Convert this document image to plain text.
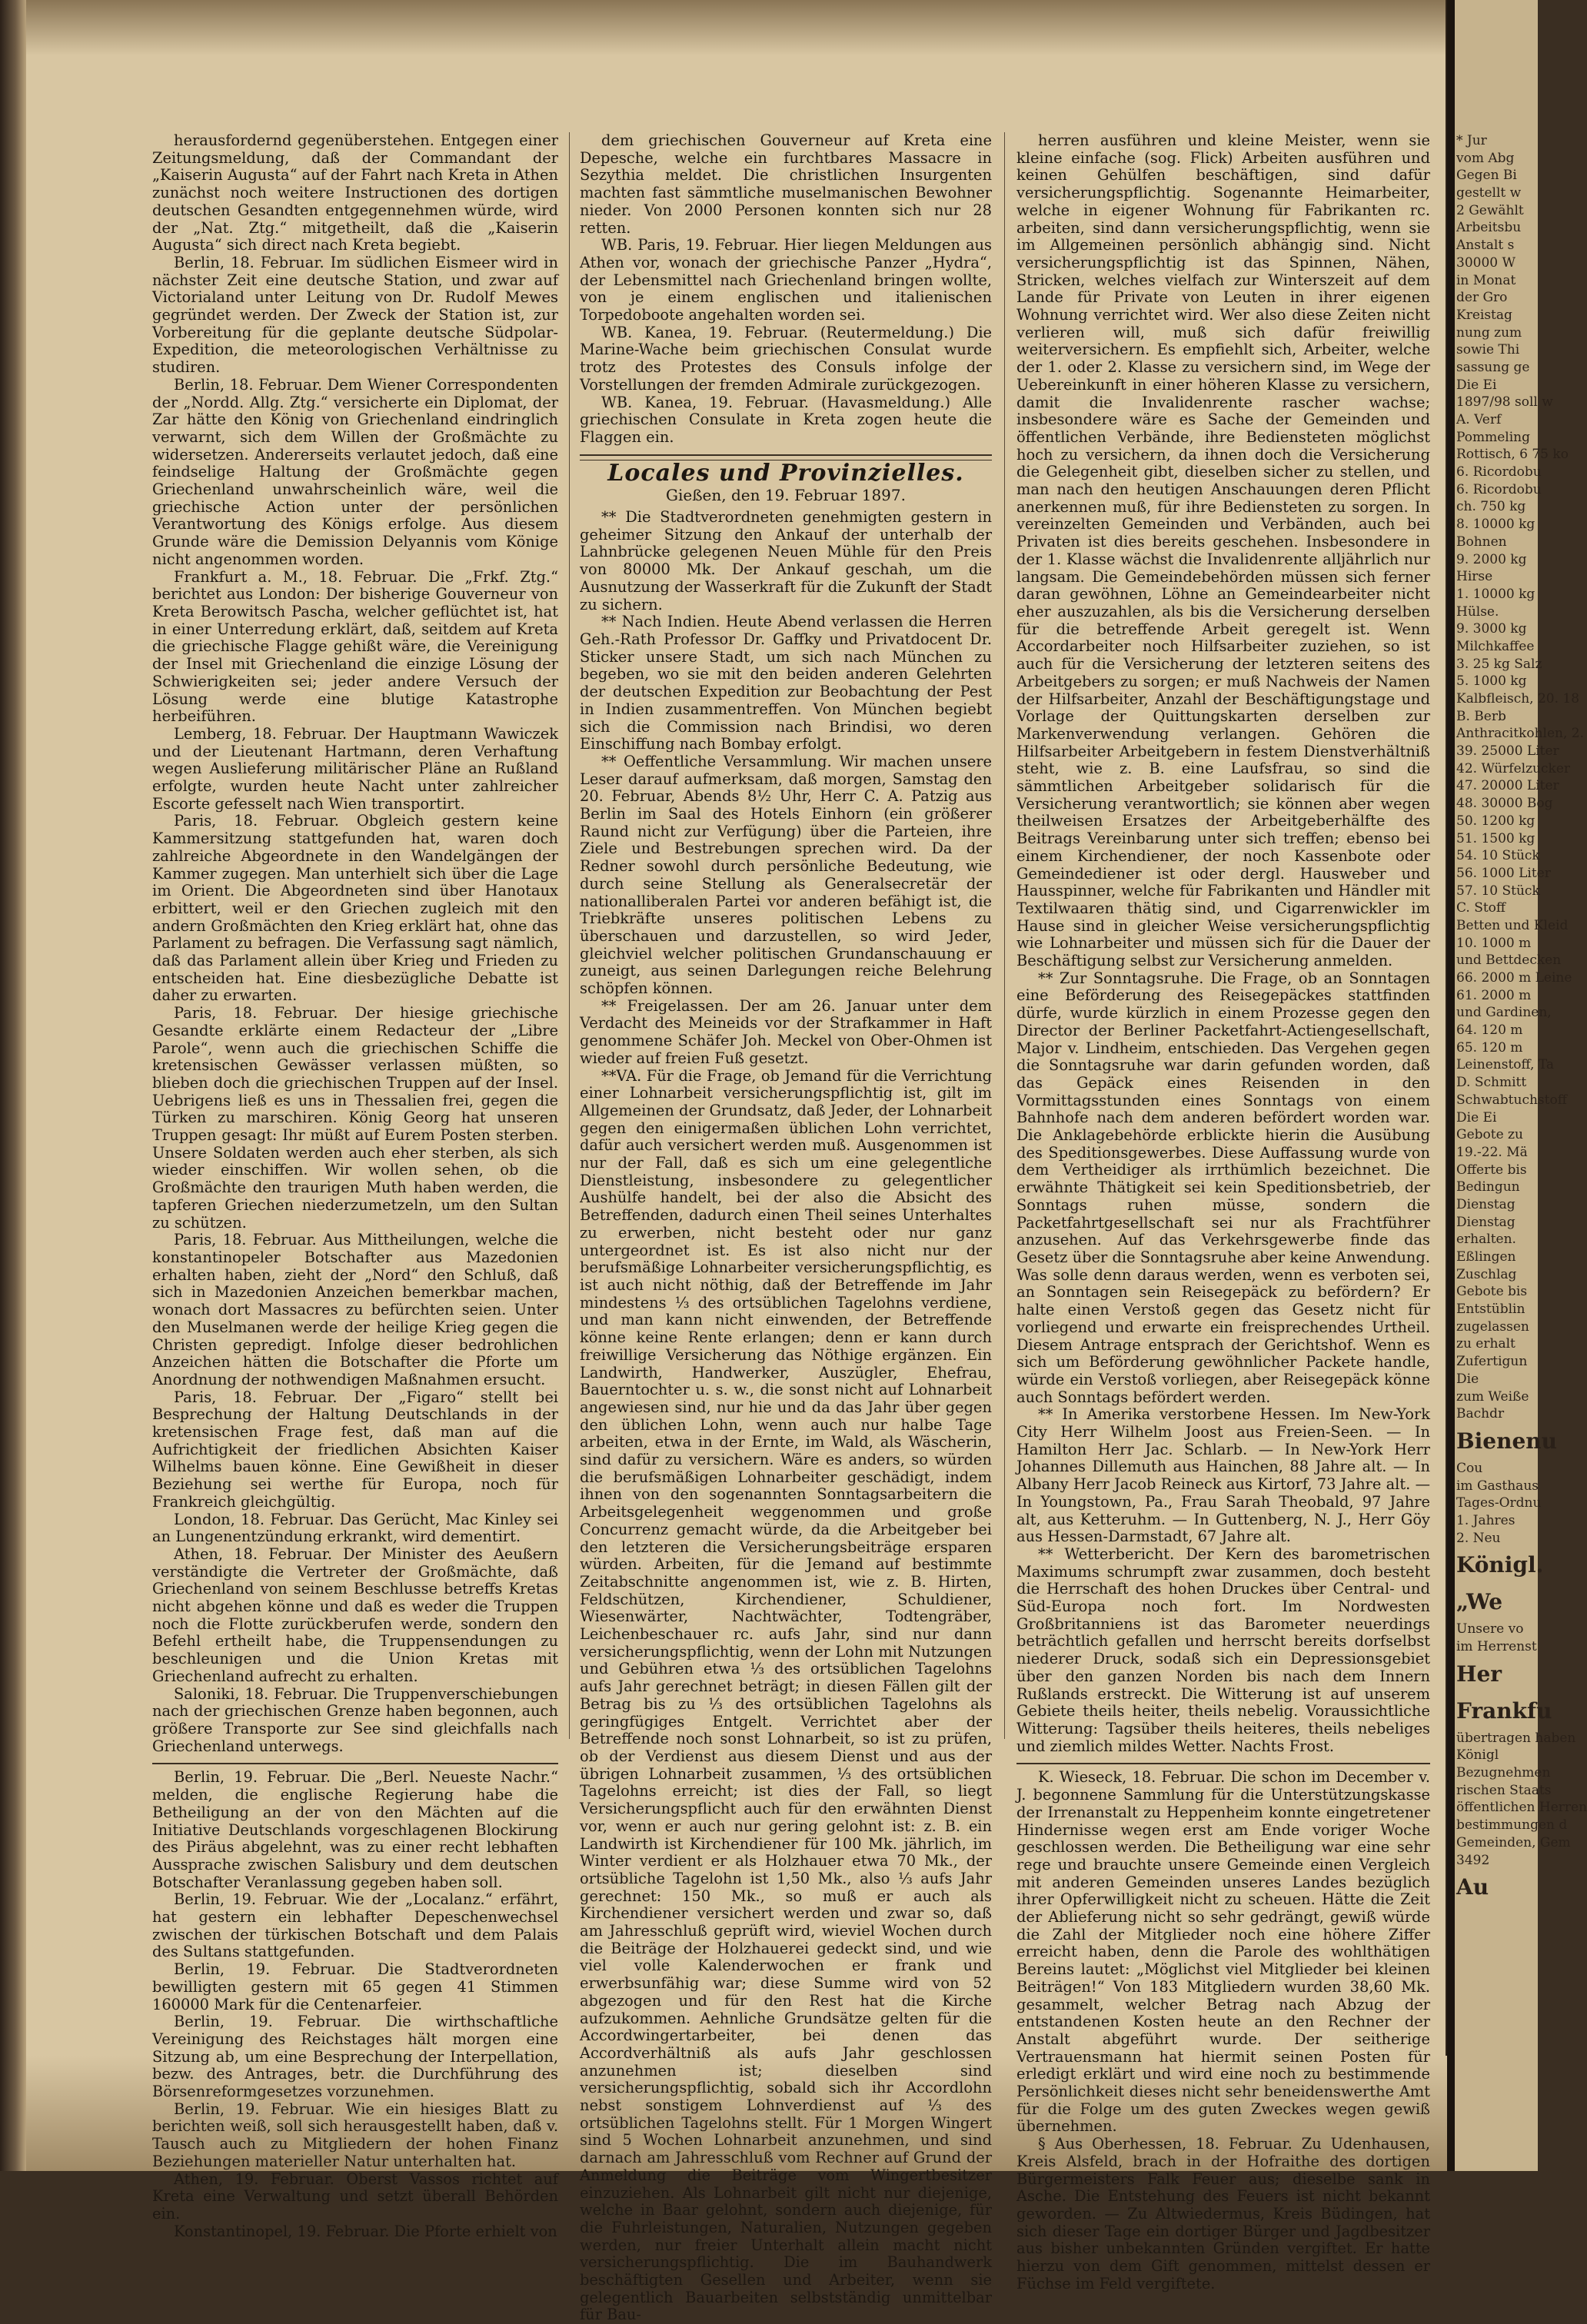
herausfordernd gegenüberstehen. Entgegen einer Zeitungsmeldung, daß der Commandant der „Kaiserin Augusta“ auf der Fahrt nach Kreta in Athen zunächst noch weitere Instructionen des dortigen deutschen Gesandten entgegennehmen würde, wird der „Nat. Ztg.“ mitgetheilt, daß die „Kaiserin Augusta“ sich direct nach Kreta begiebt.

Berlin, 18. Februar. Im südlichen Eismeer wird in nächster Zeit eine deutsche Station, und zwar auf Victorialand unter Leitung von Dr. Rudolf Mewes gegründet werden. Der Zweck der Station ist, zur Vorbereitung für die geplante deutsche Südpolar-Expedition, die meteorologischen Verhältnisse zu studiren.

Berlin, 18. Februar. Dem Wiener Correspondenten der „Nordd. Allg. Ztg.“ versicherte ein Diplomat, der Zar hätte den König von Griechenland eindringlich verwarnt, sich dem Willen der Großmächte zu widersetzen. Andererseits verlautet jedoch, daß eine feindselige Haltung der Großmächte gegen Griechenland unwahrscheinlich wäre, weil die griechische Action unter der persönlichen Verantwortung des Königs erfolge. Aus diesem Grunde wäre die Demission Delyannis vom Könige nicht angenommen worden.

Frankfurt a. M., 18. Februar. Die „Frkf. Ztg.“ berichtet aus London: Der bisherige Gouverneur von Kreta Berowitsch Pascha, welcher geflüchtet ist, hat in einer Unterredung erklärt, daß, seitdem auf Kreta die griechische Flagge gehißt wäre, die Vereinigung der Insel mit Griechenland die einzige Lösung der Schwierigkeiten sei; jeder andere Versuch der Lösung werde eine blutige Katastrophe herbeiführen.

Lemberg, 18. Februar. Der Hauptmann Wawiczek und der Lieutenant Hartmann, deren Verhaftung wegen Auslieferung militärischer Pläne an Rußland erfolgte, wurden heute Nacht unter zahlreicher Escorte gefesselt nach Wien transportirt.

Paris, 18. Februar. Obgleich gestern keine Kammersitzung stattgefunden hat, waren doch zahlreiche Abgeordnete in den Wandelgängen der Kammer zugegen. Man unterhielt sich über die Lage im Orient. Die Abgeordneten sind über Hanotaux erbittert, weil er den Griechen zugleich mit den andern Großmächten den Krieg erklärt hat, ohne das Parlament zu befragen. Die Verfassung sagt nämlich, daß das Parlament allein über Krieg und Frieden zu entscheiden hat. Eine diesbezügliche Debatte ist daher zu erwarten.

Paris, 18. Februar. Der hiesige griechische Gesandte erklärte einem Redacteur der „Libre Parole“, wenn auch die griechischen Schiffe die kretensischen Gewässer verlassen müßten, so blieben doch die griechischen Truppen auf der Insel. Uebrigens ließ es uns in Thessalien frei, gegen die Türken zu marschiren. König Georg hat unseren Truppen gesagt: Ihr müßt auf Eurem Posten sterben. Unsere Soldaten werden auch eher sterben, als sich wieder einschiffen. Wir wollen sehen, ob die Großmächte den traurigen Muth haben werden, die tapferen Griechen niederzumetzeln, um den Sultan zu schützen.

Paris, 18. Februar. Aus Mittheilungen, welche die konstantinopeler Botschafter aus Mazedonien erhalten haben, zieht der „Nord“ den Schluß, daß sich in Mazedonien Anzeichen bemerkbar machen, wonach dort Massacres zu befürchten seien. Unter den Muselmanen werde der heilige Krieg gegen die Christen gepredigt. Infolge dieser bedrohlichen Anzeichen hätten die Botschafter die Pforte um Anordnung der nothwendigen Maßnahmen ersucht.

Paris, 18. Februar. Der „Figaro“ stellt bei Besprechung der Haltung Deutschlands in der kretensischen Frage fest, daß man auf die Aufrichtigkeit der friedlichen Absichten Kaiser Wilhelms bauen könne. Eine Gewißheit in dieser Beziehung sei werthe für Europa, noch für Frankreich gleichgültig.

London, 18. Februar. Das Gerücht, Mac Kinley sei an Lungenentzündung erkrankt, wird dementirt.

Athen, 18. Februar. Der Minister des Aeußern verständigte die Vertreter der Großmächte, daß Griechenland von seinem Beschlusse betreffs Kretas nicht abgehen könne und daß es weder die Truppen noch die Flotte zurückberufen werde, sondern den Befehl ertheilt habe, die Truppensendungen zu beschleunigen und die Union Kretas mit Griechenland aufrecht zu erhalten.

Saloniki, 18. Februar. Die Truppenverschiebungen nach der griechischen Grenze haben begonnen, auch größere Transporte zur See sind gleichfalls nach Griechenland unterwegs.

Berlin, 19. Februar. Die „Berl. Neueste Nachr.“ melden, die englische Regierung habe die Betheiligung an der von den Mächten auf die Initiative Deutschlands vorgeschlagenen Blockirung des Piräus abgelehnt, was zu einer recht lebhaften Aussprache zwischen Salisbury und dem deutschen Botschafter Veranlassung gegeben haben soll.

Berlin, 19. Februar. Wie der „Localanz.“ erfährt, hat gestern ein lebhafter Depeschenwechsel zwischen der türkischen Botschaft und dem Palais des Sultans stattgefunden.

Berlin, 19. Februar. Die Stadtverordneten bewilligten gestern mit 65 gegen 41 Stimmen 160000 Mark für die Centenarfeier.

Berlin, 19. Februar. Die wirthschaftliche Vereinigung des Reichstages hält morgen eine Sitzung ab, um eine Besprechung der Interpellation, bezw. des Antrages, betr. die Durchführung des Börsenreformgesetzes vorzunehmen.

Berlin, 19. Februar. Wie ein hiesiges Blatt zu berichten weiß, soll sich herausgestellt haben, daß v. Tausch auch zu Mitgliedern der hohen Finanz Beziehungen materieller Natur unterhalten hat.

Athen, 19. Februar. Oberst Vassos richtet auf Kreta eine Verwaltung und setzt überall Behörden ein.

Konstantinopel, 19. Februar. Die Pforte erhielt von

dem griechischen Gouverneur auf Kreta eine Depesche, welche ein furchtbares Massacre in Sezythia meldet. Die christlichen Insurgenten machten fast sämmtliche muselmanischen Bewohner nieder. Von 2000 Personen konnten sich nur 28 retten.

WB. Paris, 19. Februar. Hier liegen Meldungen aus Athen vor, wonach der griechische Panzer „Hydra“, der Lebensmittel nach Griechenland bringen wollte, von je einem englischen und italienischen Torpedoboote angehalten worden sei.

WB. Kanea, 19. Februar. (Reutermeldung.) Die Marine-Wache beim griechischen Consulat wurde trotz des Protestes des Consuls infolge der Vorstellungen der fremden Admirale zurückgezogen.

WB. Kanea, 19. Februar. (Havasmeldung.) Alle griechischen Consulate in Kreta zogen heute die Flaggen ein.

Locales und Provinzielles.
Gießen, den 19. Februar 1897.

** Die Stadtverordneten genehmigten gestern in geheimer Sitzung den Ankauf der unterhalb der Lahnbrücke gelegenen Neuen Mühle für den Preis von 80000 Mk. Der Ankauf geschah, um die Ausnutzung der Wasserkraft für die Zukunft der Stadt zu sichern.

** Nach Indien. Heute Abend verlassen die Herren Geh.-Rath Professor Dr. Gaffky und Privatdocent Dr. Sticker unsere Stadt, um sich nach München zu begeben, wo sie mit den beiden anderen Gelehrten der deutschen Expedition zur Beobachtung der Pest in Indien zusammentreffen. Von München begiebt sich die Commission nach Brindisi, wo deren Einschiffung nach Bombay erfolgt.

** Oeffentliche Versammlung. Wir machen unsere Leser darauf aufmerksam, daß morgen, Samstag den 20. Februar, Abends 8½ Uhr, Herr C. A. Patzig aus Berlin im Saal des Hotels Einhorn (ein größerer Raund nicht zur Verfügung) über die Parteien, ihre Ziele und Bestrebungen sprechen wird. Da der Redner sowohl durch persönliche Bedeutung, wie durch seine Stellung als Generalsecretär der nationalliberalen Partei vor anderen befähigt ist, die Triebkräfte unseres politischen Lebens zu überschauen und darzustellen, so wird Jeder, gleichviel welcher politischen Grundanschauung er zuneigt, aus seinen Darlegungen reiche Belehrung schöpfen können.

** Freigelassen. Der am 26. Januar unter dem Verdacht des Meineids vor der Strafkammer in Haft genommene Schäfer Joh. Meckel von Ober-Ohmen ist wieder auf freien Fuß gesetzt.

**VA. Für die Frage, ob Jemand für die Verrichtung einer Lohnarbeit versicherungspflichtig ist, gilt im Allgemeinen der Grundsatz, daß Jeder, der Lohnarbeit gegen den einigermaßen üblichen Lohn verrichtet, dafür auch versichert werden muß. Ausgenommen ist nur der Fall, daß es sich um eine gelegentliche Dienstleistung, insbesondere zu gelegentlicher Aushülfe handelt, bei der also die Absicht des Betreffenden, dadurch einen Theil seines Unterhaltes zu erwerben, nicht besteht oder nur ganz untergeordnet ist. Es ist also nicht nur der berufsmäßige Lohnarbeiter versicherungspflichtig, es ist auch nicht nöthig, daß der Betreffende im Jahr mindestens ⅓ des ortsüblichen Tagelohns verdiene, und man kann nicht einwenden, der Betreffende könne keine Rente erlangen; denn er kann durch freiwillige Versicherung das Nöthige ergänzen. Ein Landwirth, Handwerker, Auszügler, Ehefrau, Bauerntochter u. s. w., die sonst nicht auf Lohnarbeit angewiesen sind, nur hie und da das Jahr über gegen den üblichen Lohn, wenn auch nur halbe Tage arbeiten, etwa in der Ernte, im Wald, als Wäscherin, sind dafür zu versichern. Wäre es anders, so würden die berufsmäßigen Lohnarbeiter geschädigt, indem ihnen von den sogenannten Sonntagsarbeitern die Arbeitsgelegenheit weggenommen und große Concurrenz gemacht würde, da die Arbeitgeber bei den letzteren die Versicherungsbeiträge ersparen würden. Arbeiten, für die Jemand auf bestimmte Zeitabschnitte angenommen ist, wie z. B. Hirten, Feldschützen, Kirchendiener, Schuldiener, Wiesenwärter, Nachtwächter, Todtengräber, Leichenbeschauer rc. aufs Jahr, sind nur dann versicherungspflichtig, wenn der Lohn mit Nutzungen und Gebühren etwa ⅓ des ortsüblichen Tagelohns aufs Jahr gerechnet beträgt; in diesen Fällen gilt der Betrag bis zu ⅓ des ortsüblichen Tagelohns als geringfügiges Entgelt. Verrichtet aber der Betreffende noch sonst Lohnarbeit, so ist zu prüfen, ob der Verdienst aus diesem Dienst und aus der übrigen Lohnarbeit zusammen, ⅓ des ortsüblichen Tagelohns erreicht; ist dies der Fall, so liegt Versicherungspflicht auch für den erwähnten Dienst vor, wenn er auch nur gering gelohnt ist: z. B. ein Landwirth ist Kirchendiener für 100 Mk. jährlich, im Winter verdient er als Holzhauer etwa 70 Mk., der ortsübliche Tagelohn ist 1,50 Mk., also ⅓ aufs Jahr gerechnet: 150 Mk., so muß er auch als Kirchendiener versichert werden und zwar so, daß am Jahresschluß geprüft wird, wieviel Wochen durch die Beiträge der Holzhauerei gedeckt sind, und wie viel volle Kalenderwochen er frank und erwerbsunfähig war; diese Summe wird von 52 abgezogen und für den Rest hat die Kirche aufzukommen. Aehnliche Grundsätze gelten für die Accordwingertarbeiter, bei denen das Accordverhältniß als aufs Jahr geschlossen anzunehmen ist; dieselben sind versicherungspflichtig, sobald sich ihr Accordlohn nebst sonstigem Lohnverdienst auf ⅓ des ortsüblichen Tagelohns stellt. Für 1 Morgen Wingert sind 5 Wochen Lohnarbeit anzunehmen, und sind darnach am Jahresschluß vom Rechner auf Grund der Anmeldung die Beiträge vom Wingertbesitzer einzuziehen. Als Lohnarbeit gilt nicht nur diejenige, welche in Baar gelohnt, sondern auch diejenige, für die Fuhrleistungen, Naturalien, Nutzungen gegeben werden, nur freier Unterhalt allein macht nicht versicherungspflichtig. Die im Bauhandwerk beschäftigten Gesellen und Arbeiter, wenn sie gelegentlich Bauarbeiten selbstständig unmittelbar für Bau-

herren ausführen und kleine Meister, wenn sie kleine einfache (sog. Flick) Arbeiten ausführen und keinen Gehülfen beschäftigen, sind dafür versicherungspflichtig. Sogenannte Heimarbeiter, welche in eigener Wohnung für Fabrikanten rc. arbeiten, sind dann versicherungspflichtig, wenn sie im Allgemeinen persönlich abhängig sind. Nicht versicherungspflichtig ist das Spinnen, Nähen, Stricken, welches vielfach zur Winterszeit auf dem Lande für Private von Leuten in ihrer eigenen Wohnung verrichtet wird. Wer also diese Zeiten nicht verlieren will, muß sich dafür freiwillig weiterversichern. Es empfiehlt sich, Arbeiter, welche der 1. oder 2. Klasse zu versichern sind, im Wege der Uebereinkunft in einer höheren Klasse zu versichern, damit die Invalidenrente rascher wachse; insbesondere wäre es Sache der Gemeinden und öffentlichen Verbände, ihre Bediensteten möglichst hoch zu versichern, da ihnen doch die Versicherung die Gelegenheit gibt, dieselben sicher zu stellen, und man nach den heutigen Anschauungen deren Pflicht anerkennen muß, für ihre Bediensteten zu sorgen. In vereinzelten Gemeinden und Verbänden, auch bei Privaten ist dies bereits geschehen. Insbesondere in der 1. Klasse wächst die Invalidenrente alljährlich nur langsam. Die Gemeindebehörden müssen sich ferner daran gewöhnen, Löhne an Gemeindearbeiter nicht eher auszuzahlen, als bis die Versicherung derselben für die betreffende Arbeit geregelt ist. Wenn Accordarbeiter noch Hilfsarbeiter zuziehen, so ist auch für die Versicherung der letzteren seitens des Arbeitgebers zu sorgen; er muß Nachweis der Namen der Hilfsarbeiter, Anzahl der Beschäftigungstage und Vorlage der Quittungskarten derselben zur Markenverwendung verlangen. Gehören die Hilfsarbeiter Arbeitgebern in festem Dienstverhältniß steht, wie z. B. eine Laufsfrau, so sind die sämmtlichen Arbeitgeber solidarisch für die Versicherung verantwortlich; sie können aber wegen theilweisen Ersatzes der Arbeitgeberhälfte des Beitrags Vereinbarung unter sich treffen; ebenso bei einem Kirchendiener, der noch Kassenbote oder Gemeindediener ist oder dergl. Hausweber und Hausspinner, welche für Fabrikanten und Händler mit Textilwaaren thätig sind, und Cigarrenwickler im Hause sind in gleicher Weise versicherungspflichtig wie Lohnarbeiter und müssen sich für die Dauer der Beschäftigung selbst zur Versicherung anmelden.

** Zur Sonntagsruhe. Die Frage, ob an Sonntagen eine Beförderung des Reisegepäckes stattfinden dürfe, wurde kürzlich in einem Prozesse gegen den Director der Berliner Packetfahrt-Actiengesellschaft, Major v. Lindheim, entschieden. Das Vergehen gegen die Sonntagsruhe war darin gefunden worden, daß das Gepäck eines Reisenden in den Vormittagsstunden eines Sonntags von einem Bahnhofe nach dem anderen befördert worden war. Die Anklagebehörde erblickte hierin die Ausübung des Speditionsgewerbes. Diese Auffassung wurde von dem Vertheidiger als irrthümlich bezeichnet. Die erwähnte Thätigkeit sei kein Speditionsbetrieb, der Sonntags ruhen müsse, sondern die Packetfahrtgesellschaft sei nur als Frachtführer anzusehen. Auf das Verkehrsgewerbe finde das Gesetz über die Sonntagsruhe aber keine Anwendung. Was solle denn daraus werden, wenn es verboten sei, an Sonntagen sein Reisegepäck zu befördern? Er halte einen Verstoß gegen das Gesetz nicht für vorliegend und erwarte ein freisprechendes Urtheil. Diesem Antrage entsprach der Gerichtshof. Wenn es sich um Beförderung gewöhnlicher Packete handle, würde ein Verstoß vorliegen, aber Reisegepäck könne auch Sonntags befördert werden.

** In Amerika verstorbene Hessen. Im New-York City Herr Wilhelm Joost aus Freien-Seen. — In Hamilton Herr Jac. Schlarb. — In New-York Herr Johannes Dillemuth aus Hainchen, 88 Jahre alt. — In Albany Herr Jacob Reineck aus Kirtorf, 73 Jahre alt. — In Youngstown, Pa., Frau Sarah Theobald, 97 Jahre alt, aus Ketteruhm. — In Guttenberg, N. J., Herr Göy aus Hessen-Darmstadt, 67 Jahre alt.

** Wetterbericht. Der Kern des barometrischen Maximums schrumpft zwar zusammen, doch besteht die Herrschaft des hohen Druckes über Central- und Süd-Europa noch fort. Im Nordwesten Großbritanniens ist das Barometer neuerdings beträchtlich gefallen und herrscht bereits dorfselbst niederer Druck, sodaß sich ein Depressionsgebiet über den ganzen Norden bis nach dem Innern Rußlands erstreckt. Die Witterung ist auf unserem Gebiete theils heiter, theils nebelig. Voraussichtliche Witterung: Tagsüber theils heiteres, theils nebeliges und ziemlich mildes Wetter. Nachts Frost.

K. Wieseck, 18. Februar. Die schon im December v. J. begonnene Sammlung für die Unterstützungskasse der Irrenanstalt zu Heppenheim konnte eingetretener Hindernisse wegen erst am Ende voriger Woche geschlossen werden. Die Betheiligung war eine sehr rege und brauchte unsere Gemeinde einen Vergleich mit anderen Gemeinden unseres Landes bezüglich ihrer Opferwilligkeit nicht zu scheuen. Hätte die Zeit der Ablieferung nicht so sehr gedrängt, gewiß würde die Zahl der Mitglieder noch eine höhere Ziffer erreicht haben, denn die Parole des wohlthätigen Bereins lautet: „Möglichst viel Mitglieder bei kleinen Beiträgen!“ Von 183 Mitgliedern wurden 38,60 Mk. gesammelt, welcher Betrag nach Abzug der entstandenen Kosten heute an den Rechner der Anstalt abgeführt wurde. Der seitherige Vertrauensmann hat hiermit seinen Posten für erledigt erklärt und wird eine noch zu bestimmende Persönlichkeit dieses nicht sehr beneidenswerthe Amt für die Folge um des guten Zweckes wegen gewiß übernehmen.

§ Aus Oberhessen, 18. Februar. Zu Udenhausen, Kreis Alsfeld, brach in der Hofraithe des dortigen Bürgermeisters Falk Feuer aus; dieselbe sank in Asche. Die Entstehung des Feuers ist nicht bekannt geworden. — Zu Altwiedermus, Kreis Büdingen, hat sich dieser Tage ein dortiger Bürger und Jagdbesitzer aus bisher unbekannten Gründen vergiftet. Er hatte hierzu von dem Gift genommen, mittelst dessen er Füchse im Feld vergiftete.

* Jur
vom Abg
Gegen Bi
gestellt w
2 Gewählt
Arbeitsbu
Anstalt s
30000 W
in Monat
der Gro
Kreistag
nung zum
sowie Thi
sassung ge
Die Ei
1897/98 soll w
A. Verf
Pommeling
Rottisch, 6 75 ko
6. Ricordobu
6. Ricordobu
ch. 750 kg
8. 10000 kg
Bohnen
9. 2000 kg
Hirse
1. 10000 kg
Hülse.
9. 3000 kg
Milchkaffee
3. 25 kg Salz
5. 1000 kg
Kalbfleisch, 20. 18
B. Berb
Anthracitkohlen, 2.
39. 25000 Liter
42. Würfelzucker
47. 20000 Liter
48. 30000 Bog
50. 1200 kg
51. 1500 kg
54. 10 Stück
56. 1000 Liter
57. 10 Stück
C. Stoff
Betten und Kleid
10. 1000 m
und Bettdecken
66. 2000 m Leine
61. 2000 m
und Gardinen,
64. 120 m
65. 120 m
Leinenstoff, Ta
D. Schmitt
Schwabtuchstoff
Die Ei
Gebote zu
19.-22. Mä
Offerte bis
Bedingun
Dienstag
Dienstag
erhalten.
Eßlingen
Zuschlag
Gebote bis
Entstüblin
zugelassen
zu erhalt
Zufertigun
Die
zum Weiße
Bachdr
Bienenu
Cou
im Gasthaus
Tages-Ordnu
1. Jahres
2. Neu
Königl.
„We
Unsere vo
im Herrenst
Her
Frankfu
übertragen haben
Königl
Bezugnehmen
rischen Staats
öffentlichen Herren
bestimmungen d
Gemeinden, Gem
3492
Au
